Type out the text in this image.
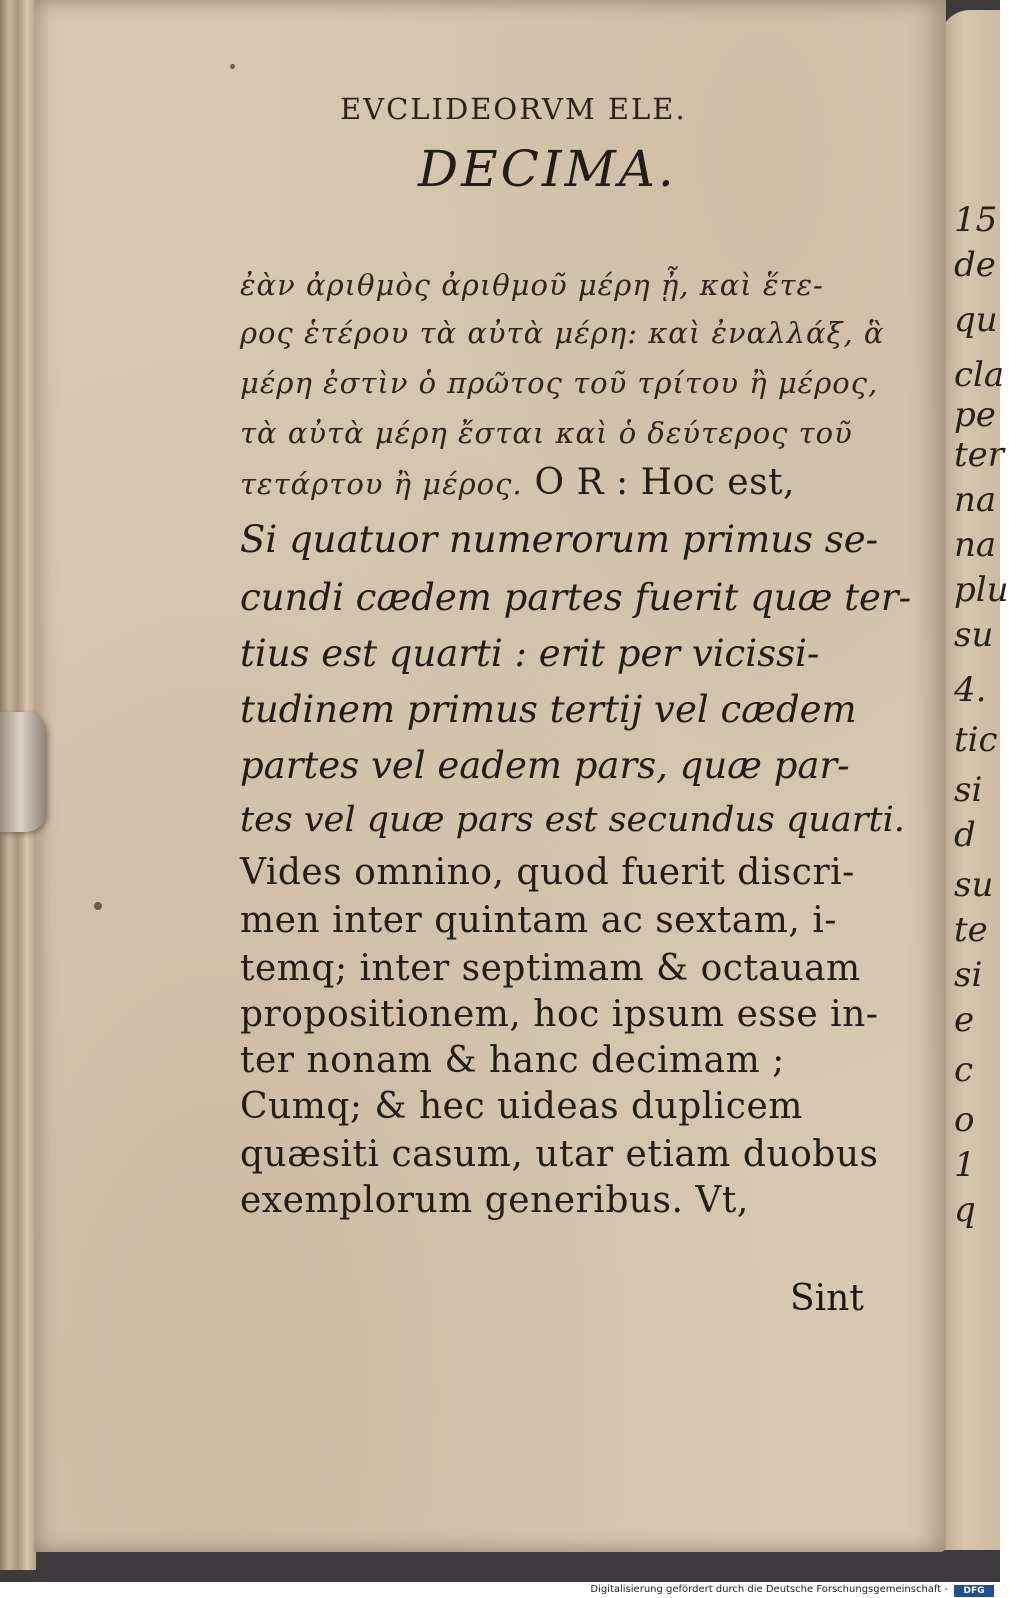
15
de
qu
cla
pe
ter
na
na
plu
su
4.
tic
si
d
su
te
si
e
c
o
1
q
EVCLIDEORVM ELE.
DECIMA.
ἐὰν ἀριθμὸς ἀριθμοῦ μέρη ᾖ, καὶ ἕτε-
ρος ἑτέρου τὰ αὐτὰ μέρη: καὶ ἐναλλάξ, ἃ
μέρη ἐστὶν ὁ πρῶτος τοῦ τρίτου ἢ μέρος,
τὰ αὐτὰ μέρη ἔσται καὶ ὁ δεύτερος τοῦ
τετάρτου ἢ μέρος. O R : Hoc est,
Si quatuor numerorum primus se-
cundi cædem partes fuerit quæ ter-
tius est quarti : erit per vicissi-
tudinem primus tertij vel cædem
partes vel eadem pars, quæ par-
tes vel quæ pars est secundus quarti.
Vides omnino, quod fuerit discri-
men inter quintam ac sextam, i-
temq; inter septimam & octauam
propositionem, hoc ipsum esse in-
ter nonam & hanc decimam ;
Cumq; & hec uideas duplicem
quæsiti casum, utar etiam duobus
exemplorum generibus. Vt,
Sint
Digitalisierung gefördert durch die Deutsche Forschungsgemeinschaft -	DFG
